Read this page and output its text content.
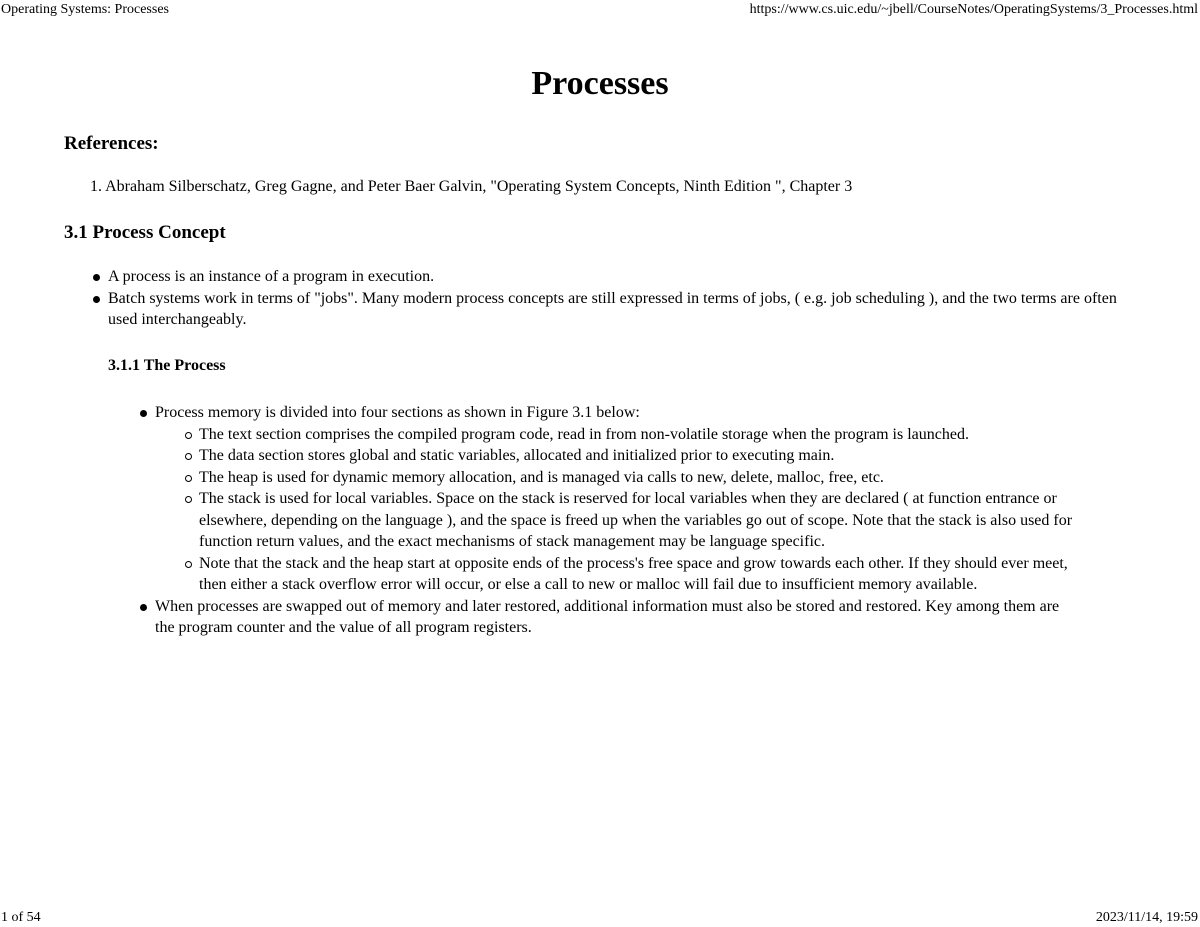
Operating Systems: Processes	https://www.cs.uic.edu/~jbell/CourseNotes/OperatingSystems/3_Processes.html
Processes
References:
1. Abraham Silberschatz, Greg Gagne, and Peter Baer Galvin, "Operating System Concepts, Ninth Edition ", Chapter 3
3.1 Process Concept
A process is an instance of a program in execution.
Batch systems work in terms of "jobs". Many modern process concepts are still expressed in terms of jobs, ( e.g. job scheduling ), and the two terms are often used interchangeably.
3.1.1 The Process
Process memory is divided into four sections as shown in Figure 3.1 below:
The text section comprises the compiled program code, read in from non-volatile storage when the program is launched.
The data section stores global and static variables, allocated and initialized prior to executing main.
The heap is used for dynamic memory allocation, and is managed via calls to new, delete, malloc, free, etc.
The stack is used for local variables. Space on the stack is reserved for local variables when they are declared ( at function entrance or elsewhere, depending on the language ), and the space is freed up when the variables go out of scope. Note that the stack is also used for function return values, and the exact mechanisms of stack management may be language specific.
Note that the stack and the heap start at opposite ends of the process's free space and grow towards each other. If they should ever meet, then either a stack overflow error will occur, or else a call to new or malloc will fail due to insufficient memory available.
When processes are swapped out of memory and later restored, additional information must also be stored and restored. Key among them are the program counter and the value of all program registers.
1 of 54	2023/11/14, 19:59
